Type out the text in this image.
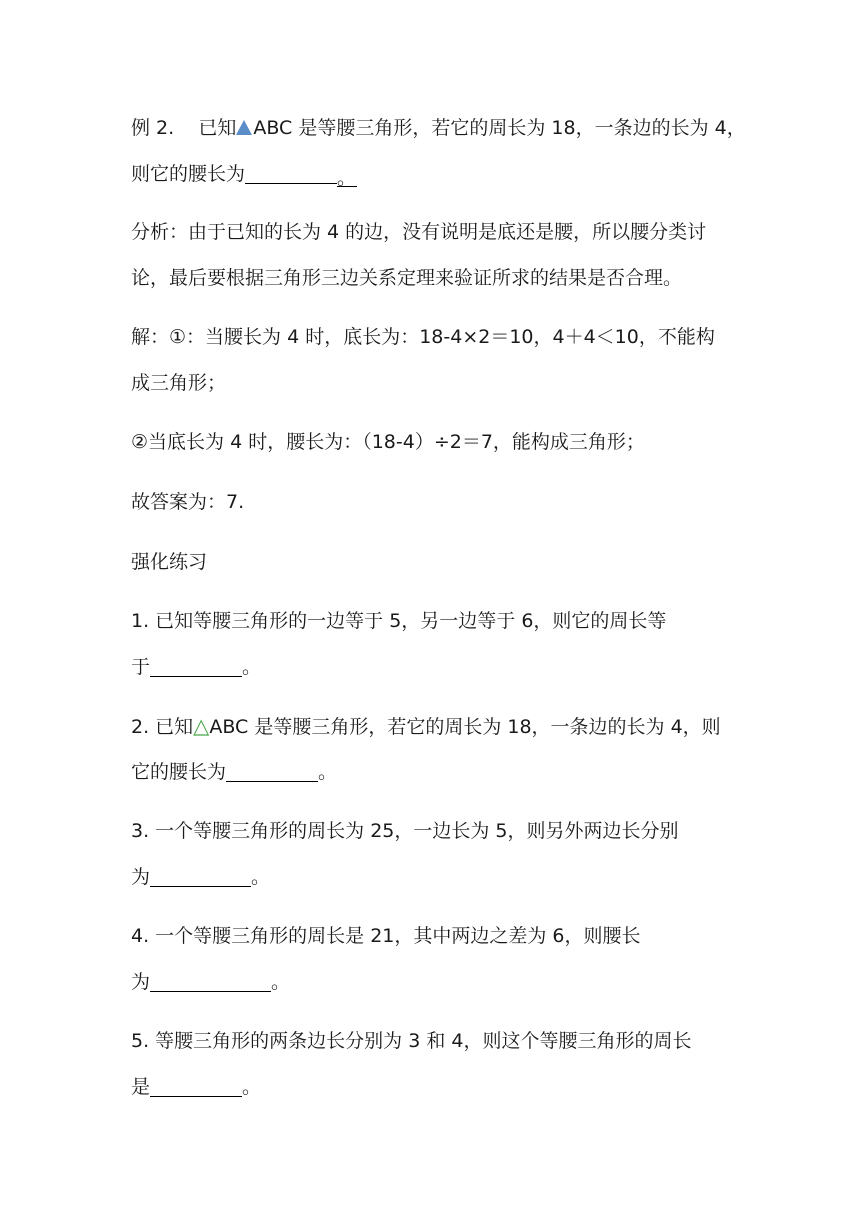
例 2. 已知 ABC 是等腰三角形，若它的周长为 18，一条边的长为 4，
则它的腰长为	。
分析：由于已知的长为 4 的边，没有说明是底还是腰，所以腰分类讨
论，最后要根据三角形三边关系定理来验证所求的结果是否合理。
解：①：当腰长为 4 时，底长为：18-4×2＝10，4＋4＜10，不能构
成三角形；
②当底长为 4 时，腰长为：（18-4）÷2＝7，能构成三角形；
故答案为：7.
强化练习
1. 已知等腰三角形的一边等于 5，另一边等于 6，则它的周长等
于	。
2. 已知△ABC 是等腰三角形，若它的周长为 18，一条边的长为 4，则
它的腰长为	。
3. 一个等腰三角形的周长为 25，一边长为 5，则另外两边长分别
为	。
4. 一个等腰三角形的周长是 21，其中两边之差为 6，则腰长
为	。
5. 等腰三角形的两条边长分别为 3 和 4，则这个等腰三角形的周长
是	。
